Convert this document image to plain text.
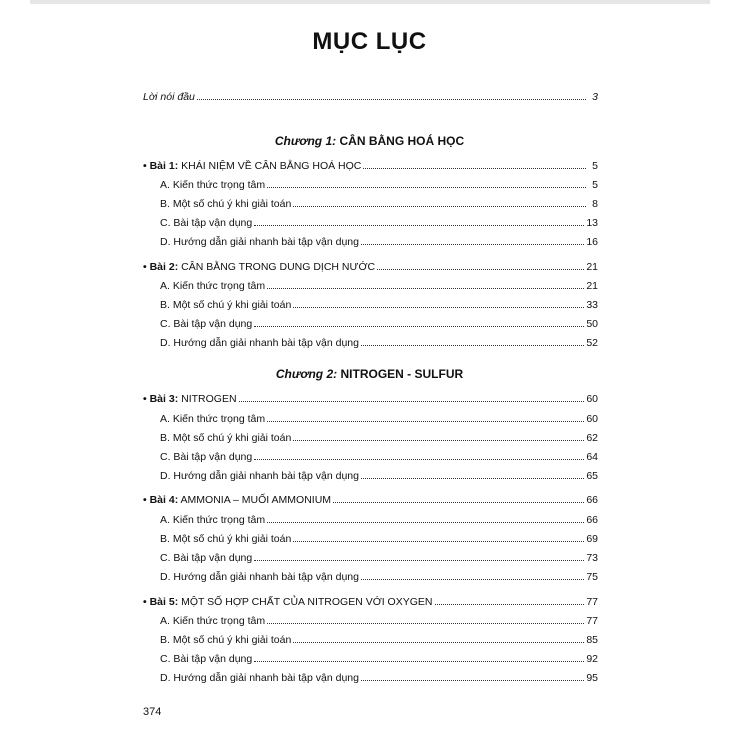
MỤC LỤC
Lời nói đầu	3
Chương 1: CÂN BẰNG HOÁ HỌC
• Bài 1: KHÁI NIỆM VỀ CÂN BẰNG HOÁ HỌC	5
A. Kiến thức trọng tâm	5
B. Một số chú ý khi giải toán	8
C. Bài tập vận dụng	13
D. Hướng dẫn giải nhanh bài tập vận dụng	16
• Bài 2: CÂN BẰNG TRONG DUNG DỊCH NƯỚC	21
A. Kiến thức trọng tâm	21
B. Một số chú ý khi giải toán	33
C. Bài tập vận dụng	50
D. Hướng dẫn giải nhanh bài tập vận dụng	52
Chương 2: NITROGEN - SULFUR
• Bài 3: NITROGEN	60
A. Kiến thức trọng tâm	60
B. Một số chú ý khi giải toán	62
C. Bài tập vận dụng	64
D. Hướng dẫn giải nhanh bài tập vận dụng	65
• Bài 4: AMMONIA – MUỐI AMMONIUM	66
A. Kiến thức trọng tâm	66
B. Một số chú ý khi giải toán	69
C. Bài tập vận dụng	73
D. Hướng dẫn giải nhanh bài tập vận dụng	75
• Bài 5: MỘT SỐ HỢP CHẤT CỦA NITROGEN VỚI OXYGEN	77
A. Kiến thức trọng tâm	77
B. Một số chú ý khi giải toán	85
C. Bài tập vận dụng	92
D. Hướng dẫn giải nhanh bài tập vận dụng	95
374
